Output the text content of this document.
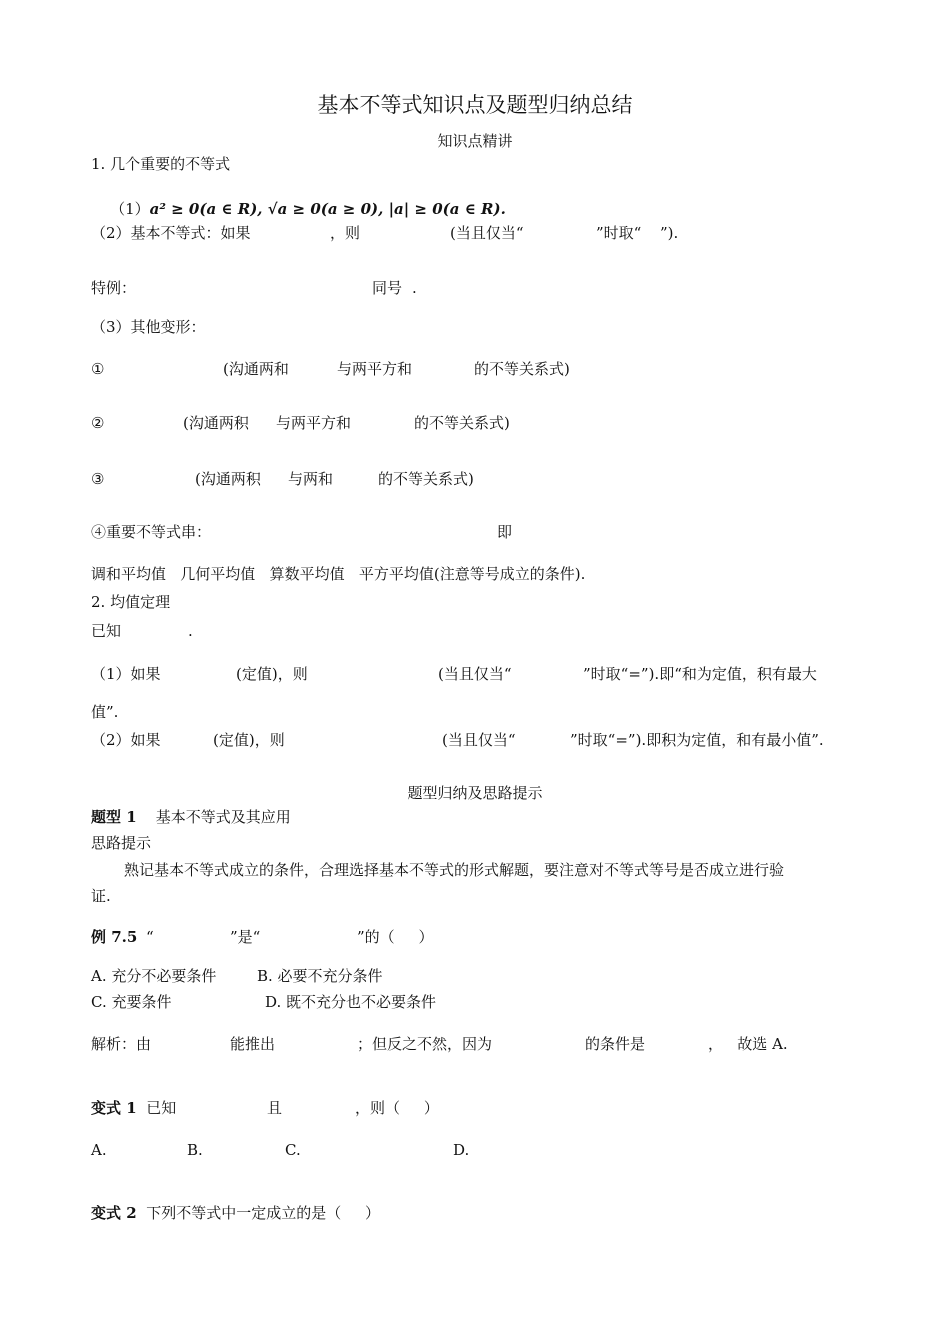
基本不等式知识点及题型归纳总结
知识点精讲
1. 几个重要的不等式

（1）a² ≥ 0(a ∈ R), √a ≥ 0(a ≥ 0), |a| ≥ 0(a ∈ R).

（2）基本不等式：如果	，则	(当且仅当“	”时取“ ”).
特例：	同号 .
（3）其他变形：
①	(沟通两和	与两平方和	的不等关系式)
②	(沟通两积 与两平方和	的不等关系式)
③	(沟通两积 与两和	的不等关系式)
④重要不等式串：	即
调和平均值   几何平均值   算数平均值   平方平均值(注意等号成立的条件).
2. 均值定理
已知	.
（1）如果	(定值)，则	(当且仅当“	”时取“=”).即“和为定值，积有最大
值”.
（2）如果	(定值)，则	(当且仅当“	”时取“=”).即积为定值，和有最小值”.
题型归纳及思路提示
题型 1 基本不等式及其应用
思路提示
熟记基本不等式成立的条件，合理选择基本不等式的形式解题，要注意对不等式等号是否成立进行验
证.
例 7.5 “	”是“	”的（     ）
A. 充分不必要条件	B. 必要不充分条件
C. 充要条件	D. 既不充分也不必要条件
解析：由	能推出	；但反之不然，因为	的条件是	，   故选 A.
变式 1 已知	且	，则（     ）
A.	B.	C.	D.
变式 2 下列不等式中一定成立的是（     ）
